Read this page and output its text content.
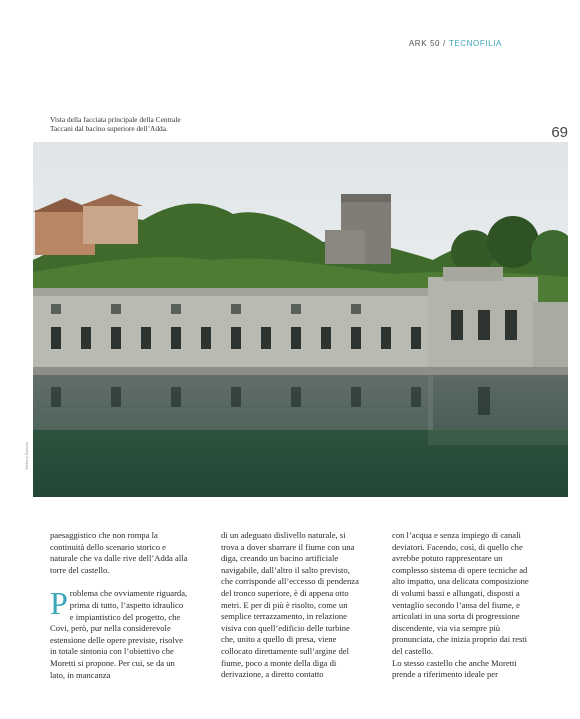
ARK 50 / TECNOFILIA
Vista della facciata principale della Centrale Taccani dal bacino superiore dell’Adda.	69
Stefano Bianchi

paesaggistico che non rompa la continuità dello scenario storico e naturale che va dalle rive dell’Adda alla torre del castello.

Problema che ovviamente riguarda, prima di tutto, l’aspetto idraulico e impiantistico del progetto, che Covi, però, pur nella considerevole estensione delle opere previste, risolve in totale sintonia con l’obiettivo che Moretti si propone. Per cui, se da un lato, in mancanza

di un adeguato dislivello naturale, si trova a dover sbarrare il fiume con una diga, creando un bacino artificiale navigabile, dall’altro il salto previsto, che corrisponde all’eccesso di pendenza del tronco superiore, è di appena otto metri. E per di più è risolto, come un semplice terrazzamento, in relazione visiva con quell’edificio delle turbine che, unito a quello di presa, viene collocato direttamente sull’argine del fiume, poco a monte della diga di derivazione, a diretto contatto

con l’acqua e senza impiego di canali deviatori. Facendo, così, di quello che avrebbe potuto rappresentare un complesso sistema di opere tecniche ad alto impatto, una delicata composizione di volumi bassi e allungati, disposti a ventaglio secondo l’ansa del fiume, e articolati in una sorta di progressione discendente, via via sempre più pronunciata, che inizia proprio dai resti del castello.

Lo stesso castello che anche Moretti prende a riferimento ideale per
